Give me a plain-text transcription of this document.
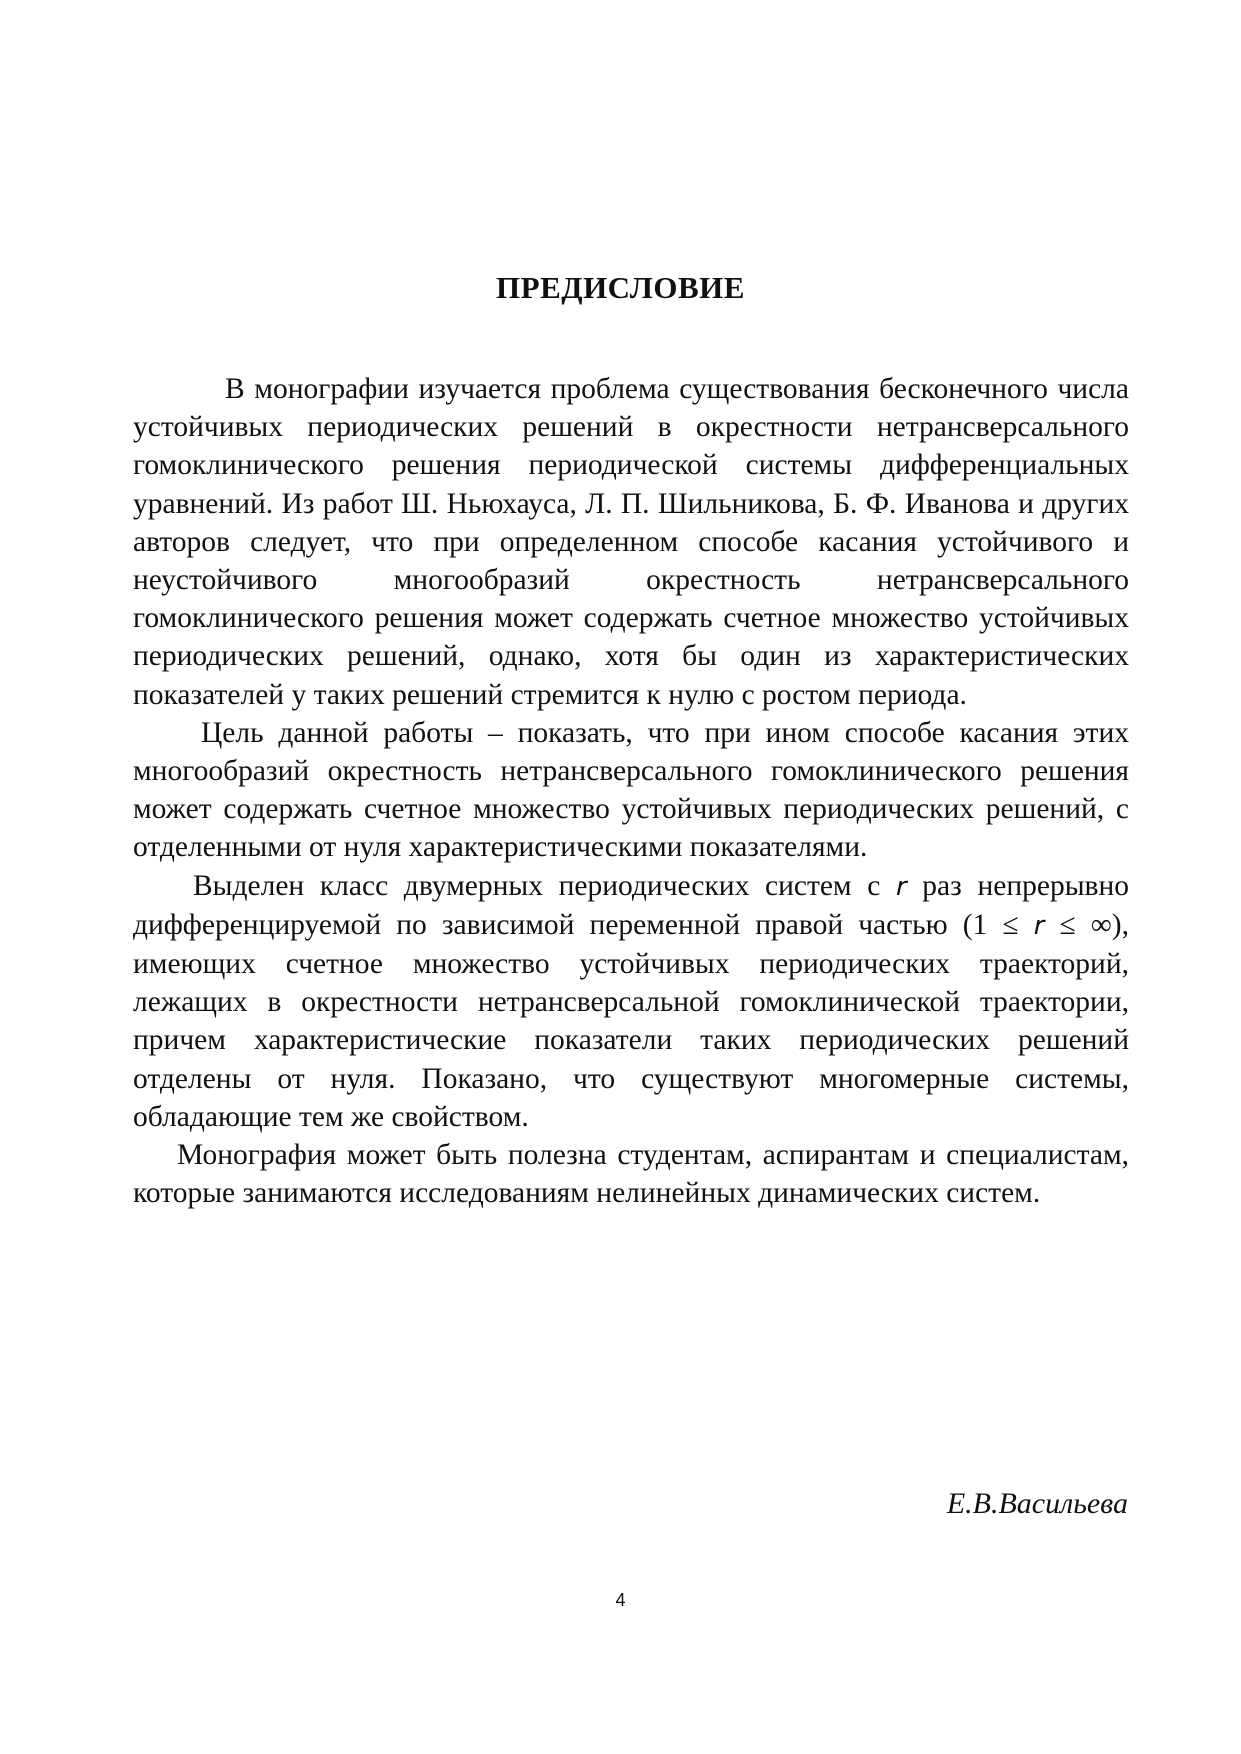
ПРЕДИСЛОВИЕ

В монографии изучается проблема существования бесконечного числа устойчивых периодических решений в окрестности нетрансверсального гомоклинического решения периодической системы дифференциальных уравнений. Из работ Ш. Ньюхауса, Л. П. Шильникова, Б. Ф. Иванова и других авторов следует, что при определенном способе касания устойчивого и неустойчивого многообразий окрестность нетрансверсального гомоклинического решения может содержать счетное множество устойчивых периодических решений, однако, хотя бы один из характеристических показателей у таких решений стремится к нулю с ростом периода.

Цель данной работы – показать, что при ином способе касания этих многообразий окрестность нетрансверсального гомоклинического решения может содержать счетное множество устойчивых периодических решений, с отделенными от нуля характеристическими показателями.

Выделен класс двумерных периодических систем с r раз непрерывно дифференцируемой по зависимой переменной правой частью (1 ≤ r ≤ ∞), имеющих счетное множество устойчивых периодических траекторий, лежащих в окрестности нетрансверсальной гомоклинической траектории, причем характеристические показатели таких периодических решений отделены от нуля. Показано, что существуют многомерные системы, обладающие тем же свойством.

Монография может быть полезна студентам, аспирантам и специалистам, которые занимаются исследованиям нелинейных динамических систем.

Е.В.Васильева
4
